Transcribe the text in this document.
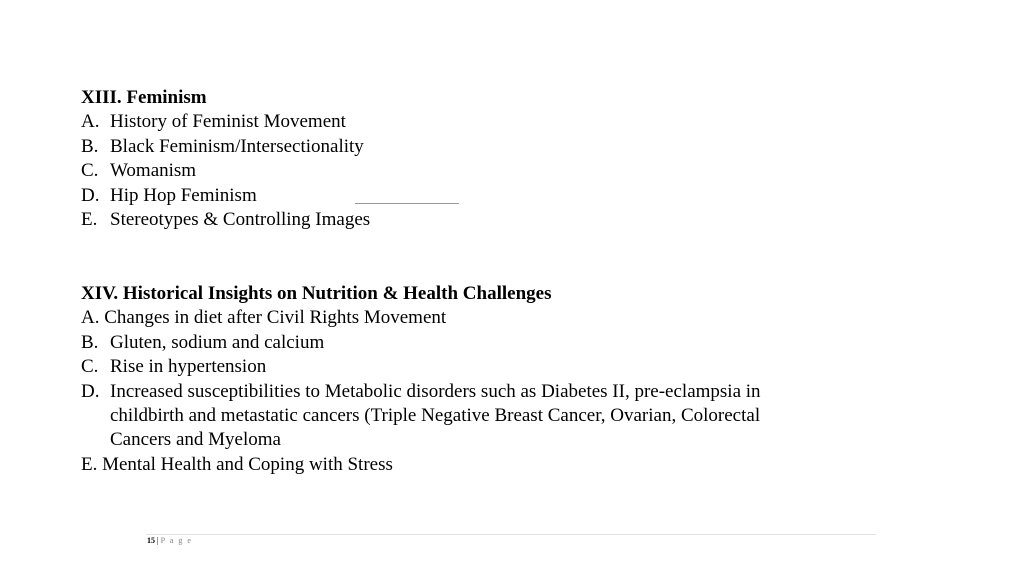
XIII. Feminism
A. History of Feminist Movement
B. Black Feminism/Intersectionality
C. Womanism
D. Hip Hop Feminism
E. Stereotypes & Controlling Images
XIV. Historical Insights on Nutrition & Health Challenges
A. Changes in diet after Civil Rights Movement
B. Gluten, sodium and calcium
C. Rise in hypertension
D. Increased susceptibilities to Metabolic disorders such as Diabetes II, pre-eclampsia in
childbirth and metastatic cancers (Triple Negative Breast Cancer, Ovarian, Colorectal
Cancers and Myeloma
E. Mental Health and Coping with Stress
15 | P a g e
